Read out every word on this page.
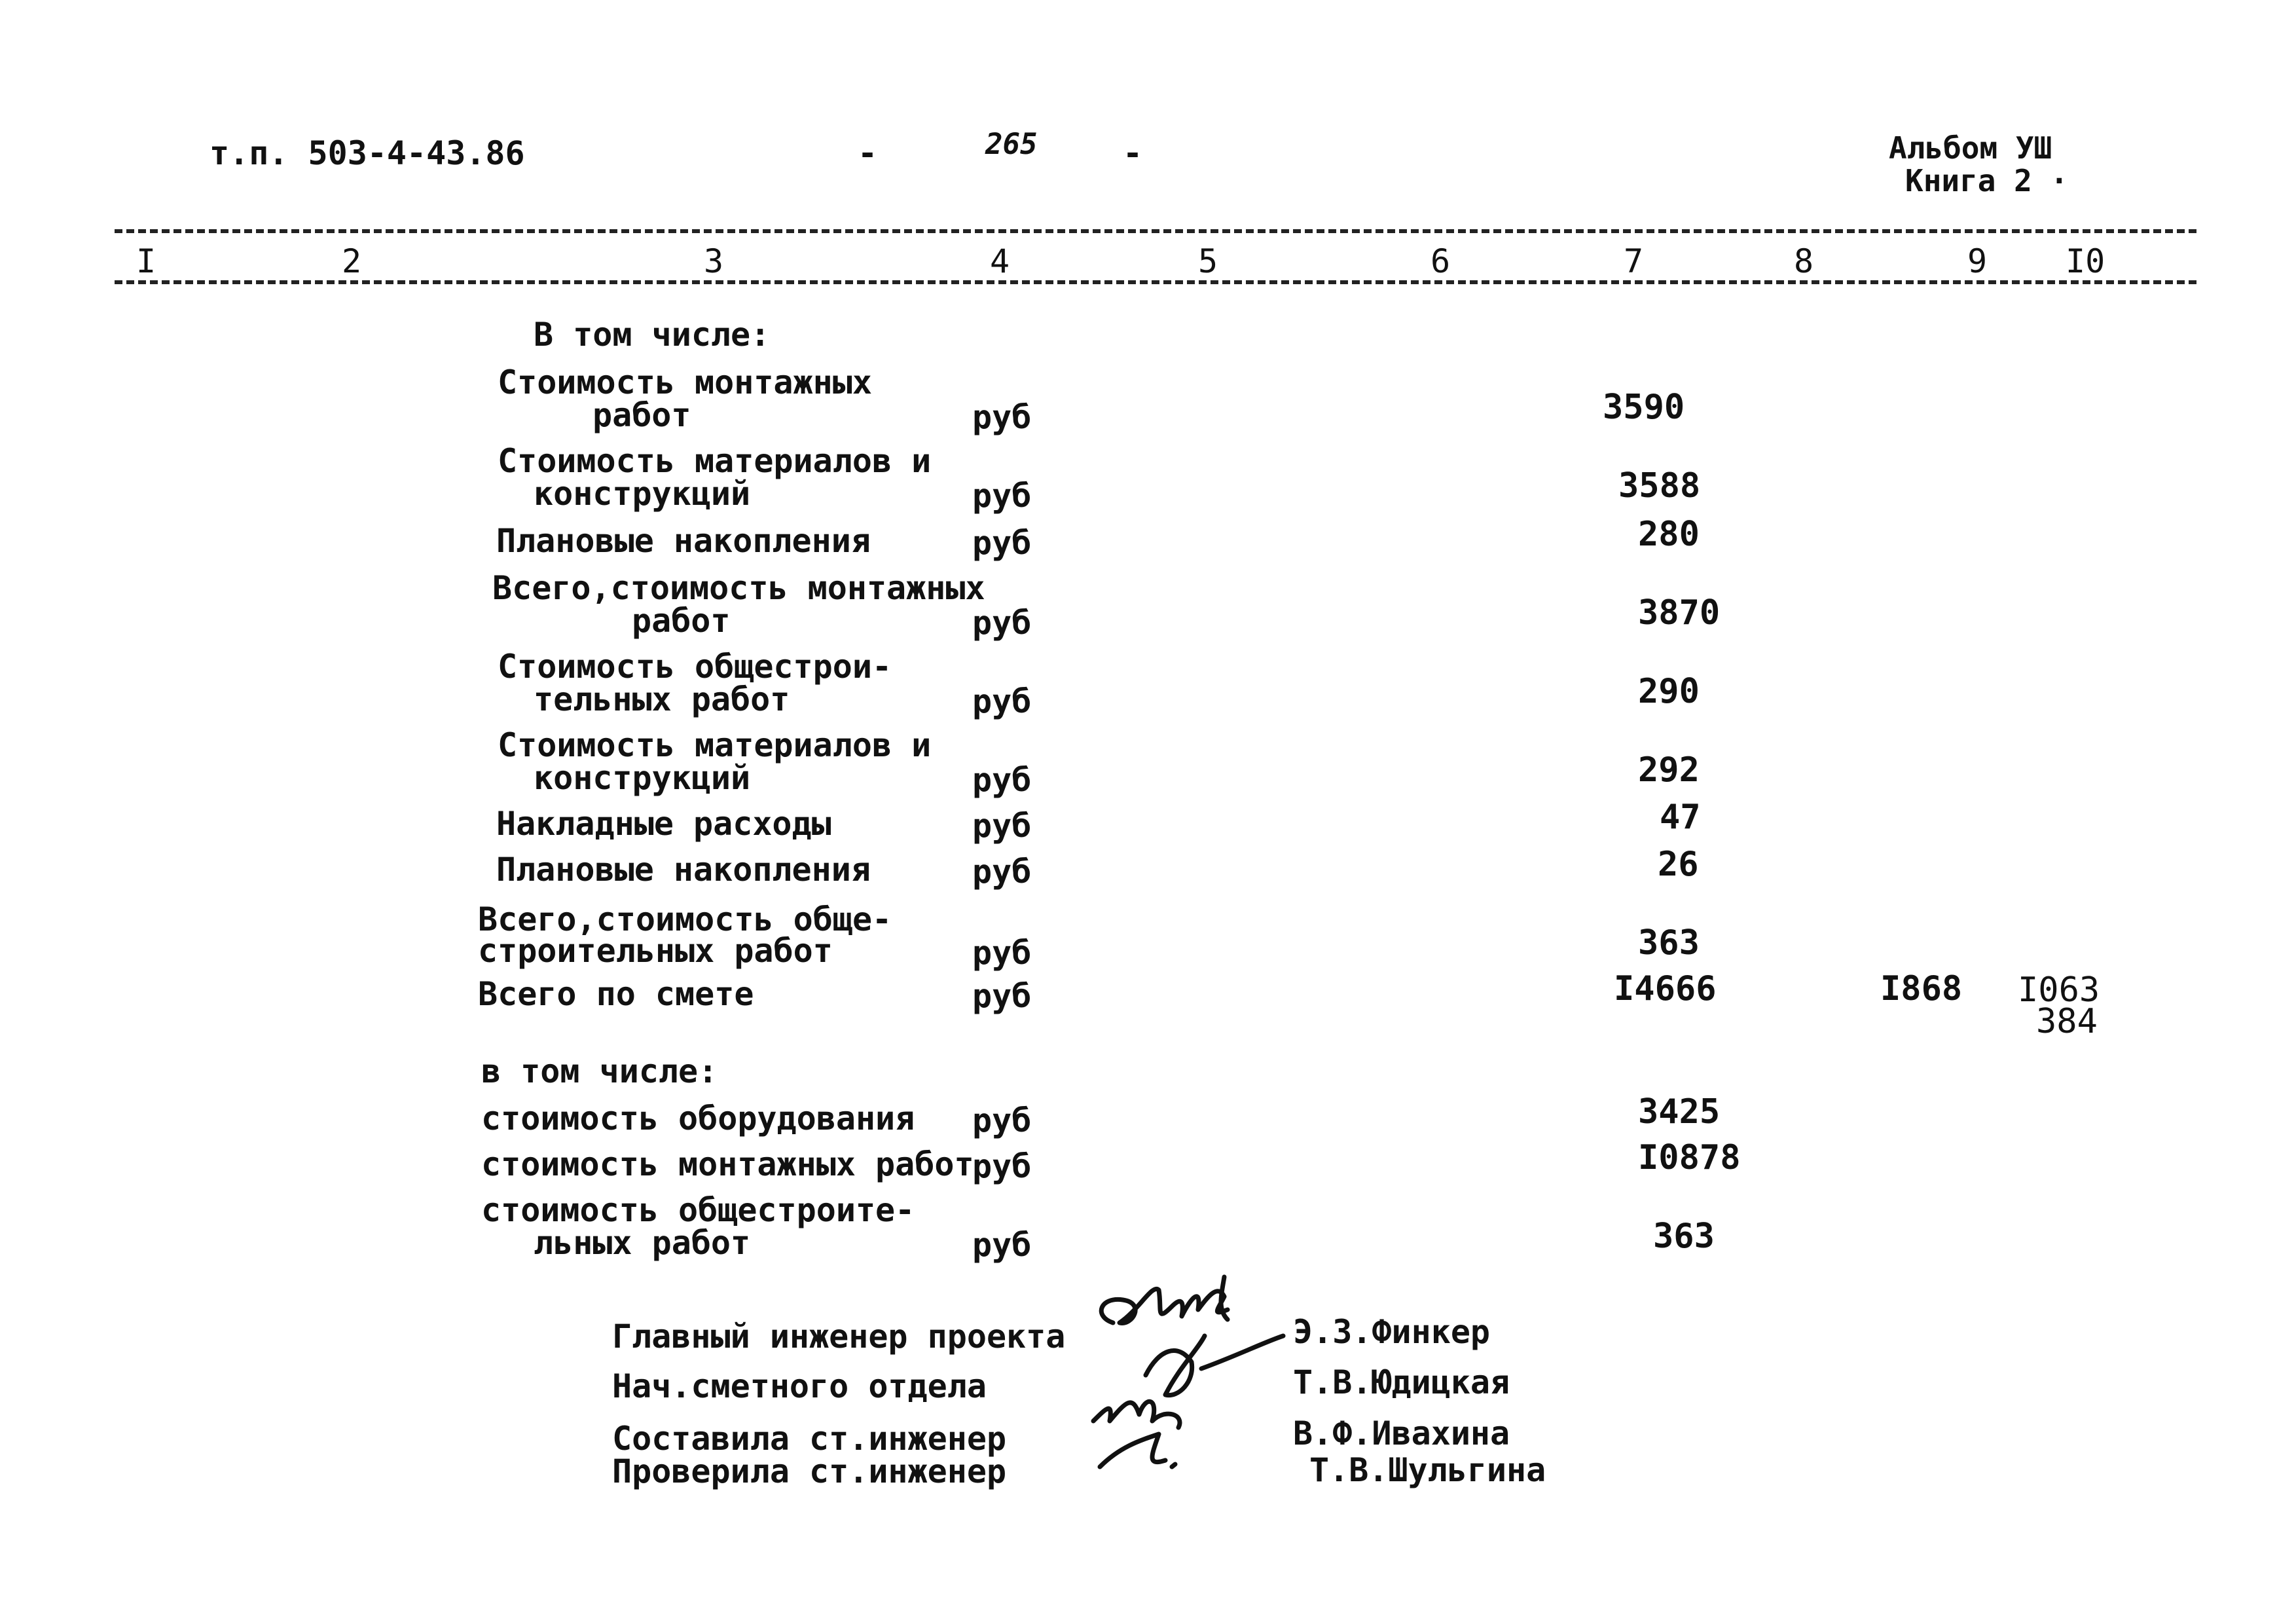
т.п. 503-4-43.86	-	265	-	Альбом УШ
Книга 2 ·
I	2	3	4	5	6	7	8	9 I0
В том числе:
Стоимость монтажных
работ	руб	3590
Стоимость материалов и
конструкций	руб	3588
Плановые накопления	руб	280
Всего,стоимость монтажных
работ	руб	3870
Стоимость общестрои-
тельных работ	руб	290
Стоимость материалов и
конструкций	руб	292
Накладные расходы	руб	47
Плановые накопления	руб	26
Всего,стоимость обще-
строительных работ	руб	363
Всего по смете	руб	I4666	I868 I063
384
в том числе:
стоимость оборудования руб	3425
стоимость монтажных работ
руб	I0878
стоимость общестроите-
льных работ	руб	363
Главный инженер проекта	Э.З.Финкер
Нач.сметного отдела	Т.В.Юдицкая
Составила ст.инженер	В.Ф.Ивахина
Проверила ст.инженер	Т.В.Шульгина
